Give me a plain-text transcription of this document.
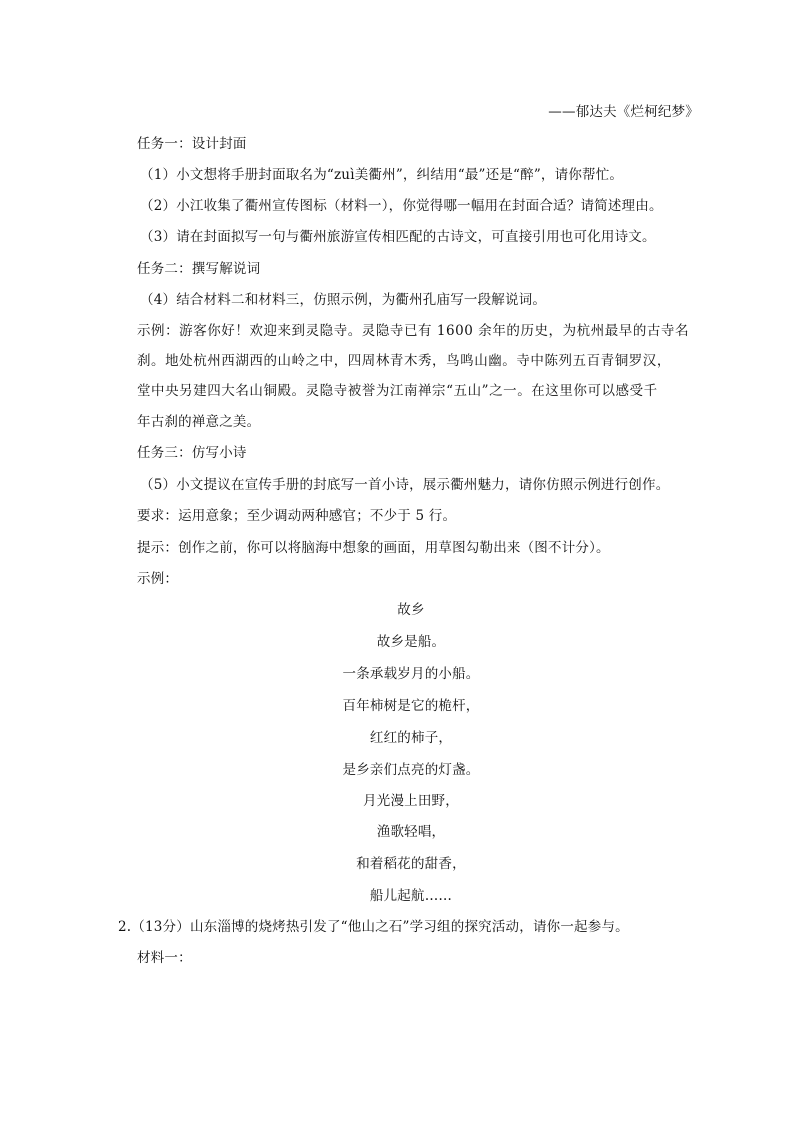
——郁达夫《烂柯纪梦》
任务一：设计封面
（1）小文想将手册封面取名为“zuì美衢州”，纠结用“最”还是“醉”，请你帮忙。
（2）小江收集了衢州宣传图标（材料一），你觉得哪一幅用在封面合适？请简述理由。
（3）请在封面拟写一句与衢州旅游宣传相匹配的古诗文，可直接引用也可化用诗文。
任务二：撰写解说词
（4）结合材料二和材料三，仿照示例，为衢州孔庙写一段解说词。
示例：游客你好！欢迎来到灵隐寺。灵隐寺已有 1600 余年的历史，为杭州最早的古寺名
刹。地处杭州西湖西的山岭之中，四周林青木秀，鸟鸣山幽。寺中陈列五百青铜罗汉，
堂中央另建四大名山铜殿。灵隐寺被誉为江南禅宗“五山”之一。在这里你可以感受千
年古刹的禅意之美。
任务三：仿写小诗
（5）小文提议在宣传手册的封底写一首小诗，展示衢州魅力，请你仿照示例进行创作。
要求：运用意象；至少调动两种感官；不少于 5 行。
提示：创作之前，你可以将脑海中想象的画面，用草图勾勒出来（图不计分）。
示例：
故乡
故乡是船。
一条承载岁月的小船。
百年柿树是它的桅杆，
红红的柿子，
是乡亲们点亮的灯盏。
月光漫上田野，
渔歌轻唱，
和着稻花的甜香，
船儿起航……
2.（13分）山东淄博的烧烤热引发了“他山之石”学习组的探究活动，请你一起参与。
材料一：
